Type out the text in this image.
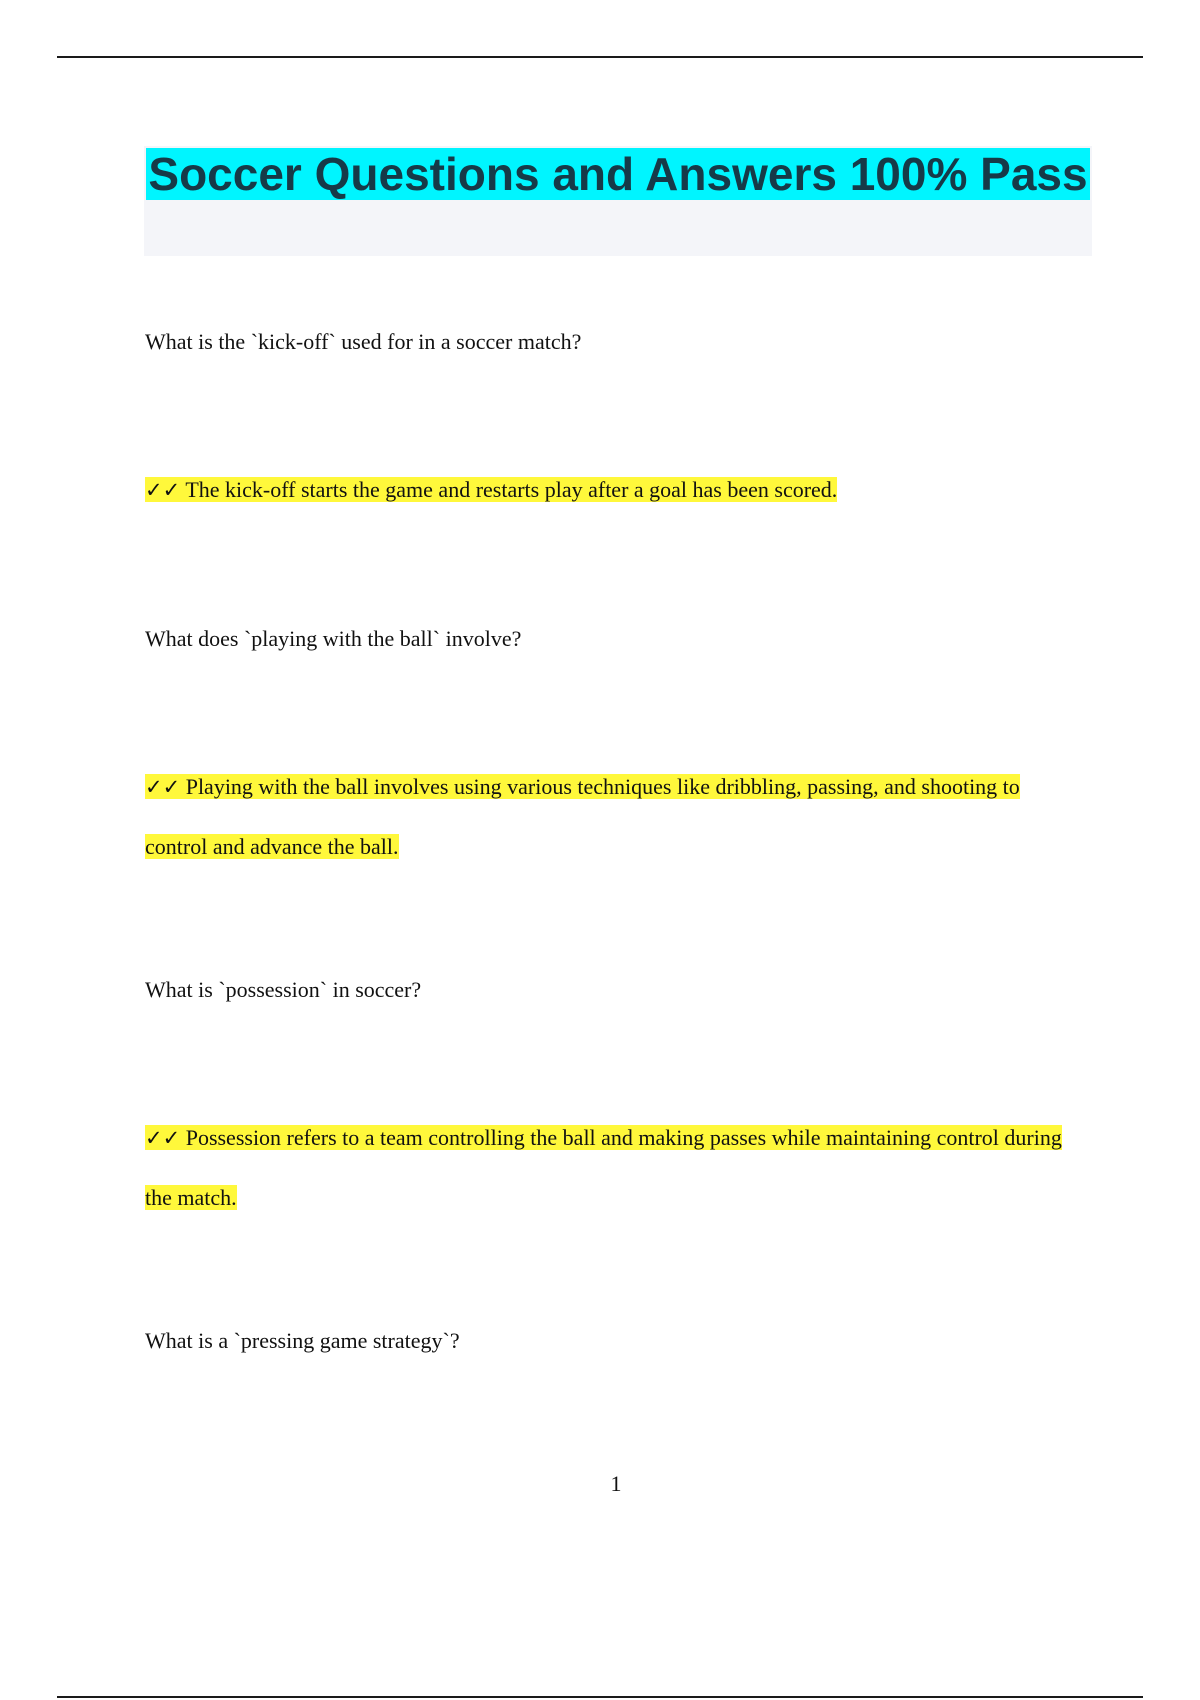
Soccer Questions and Answers 100% Pass

What is the `kick-off` used for in a soccer match?

✓✓ The kick-off starts the game and restarts play after a goal has been scored.

What does `playing with the ball` involve?

✓✓ Playing with the ball involves using various techniques like dribbling, passing, and shooting to control and advance the ball.

What is `possession` in soccer?

✓✓ Possession refers to a team controlling the ball and making passes while maintaining control during the match.

What is a `pressing game strategy`?

1
